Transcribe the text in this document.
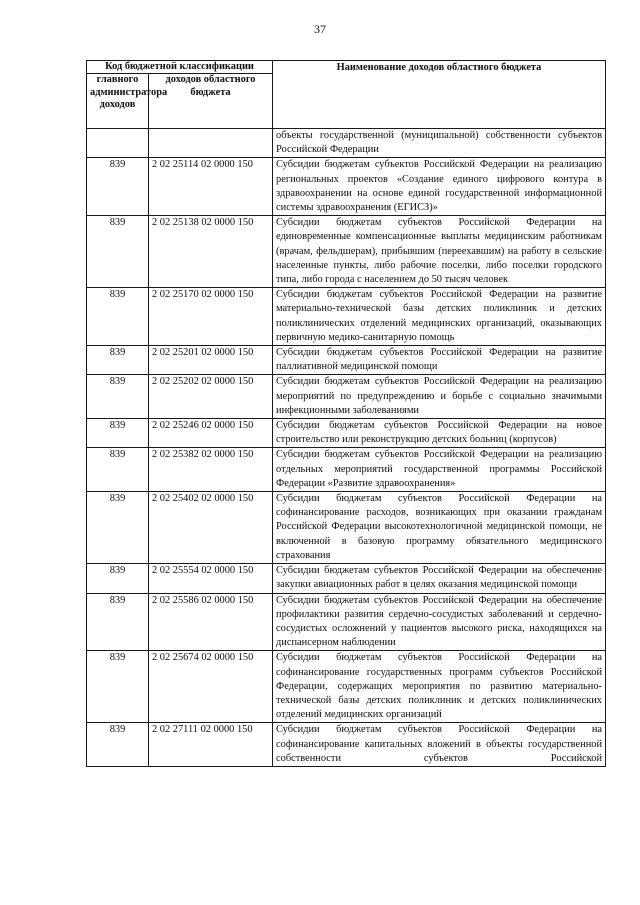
37
Код бюджетной классификации		Наименование доходов областного бюджета
главного администратора доходов	доходов областного бюджета	
		объекты государственной (муниципальной) собственности субъектов Российской Федерации
839	2 02 25114 02 0000 150	Субсидии бюджетам субъектов Российской Федерации на реализацию региональных проектов «Создание единого цифрового контура в здравоохранении на основе единой государственной информационной системы здравоохранения (ЕГИСЗ)»
839	2 02 25138 02 0000 150	Субсидии бюджетам субъектов Российской Федерации на единовременные компенсационные выплаты медицинским работникам (врачам, фельдшерам), прибывшим (переехавшим) на работу в сельские населенные пункты, либо рабочие поселки, либо поселки городского типа, либо города с населением до 50 тысяч человек
839	2 02 25170 02 0000 150	Субсидии бюджетам субъектов Российской Федерации на развитие материально-технической базы детских поликлиник и детских поликлинических отделений медицинских организаций, оказывающих первичную медико-санитарную помощь
839	2 02 25201 02 0000 150	Субсидии бюджетам субъектов Российской Федерации на развитие паллиативной медицинской помощи
839	2 02 25202 02 0000 150	Субсидии бюджетам субъектов Российской Федерации на реализацию мероприятий по предупреждению и борьбе с социально значимыми инфекционными заболеваниями
839	2 02 25246 02 0000 150	Субсидии бюджетам субъектов Российской Федерации на новое строительство или реконструкцию детских больниц (корпусов)
839	2 02 25382 02 0000 150	Субсидии бюджетам субъектов Российской Федерации на реализацию отдельных мероприятий государственной программы Российской Федерации «Развитие здравоохранения»
839	2 02 25402 02 0000 150	Субсидии бюджетам субъектов Российской Федерации на софинансирование расходов, возникающих при оказании гражданам Российской Федерации высокотехнологичной медицинской помощи, не включенной в базовую программу обязательного медицинского страхования
839	2 02 25554 02 0000 150	Субсидии бюджетам субъектов Российской Федерации на обеспечение закупки авиационных работ в целях оказания медицинской помощи
839	2 02 25586 02 0000 150	Субсидии бюджетам субъектов Российской Федерации на обеспечение профилактики развития сердечно-сосудистых заболеваний и сердечно-сосудистых осложнений у пациентов высокого риска, находящихся на диспансерном наблюдении
839	2 02 25674 02 0000 150	Субсидии бюджетам субъектов Российской Федерации на софинансирование государственных программ субъектов Российской Федерации, содержащих мероприятия по развитию материально-технической базы детских поликлиник и детских поликлинических отделений медицинских организаций
839	2 02 27111 02 0000 150	Субсидии бюджетам субъектов Российской Федерации на софинансирование капитальных вложений в объекты государственной собственности субъектов Российской
